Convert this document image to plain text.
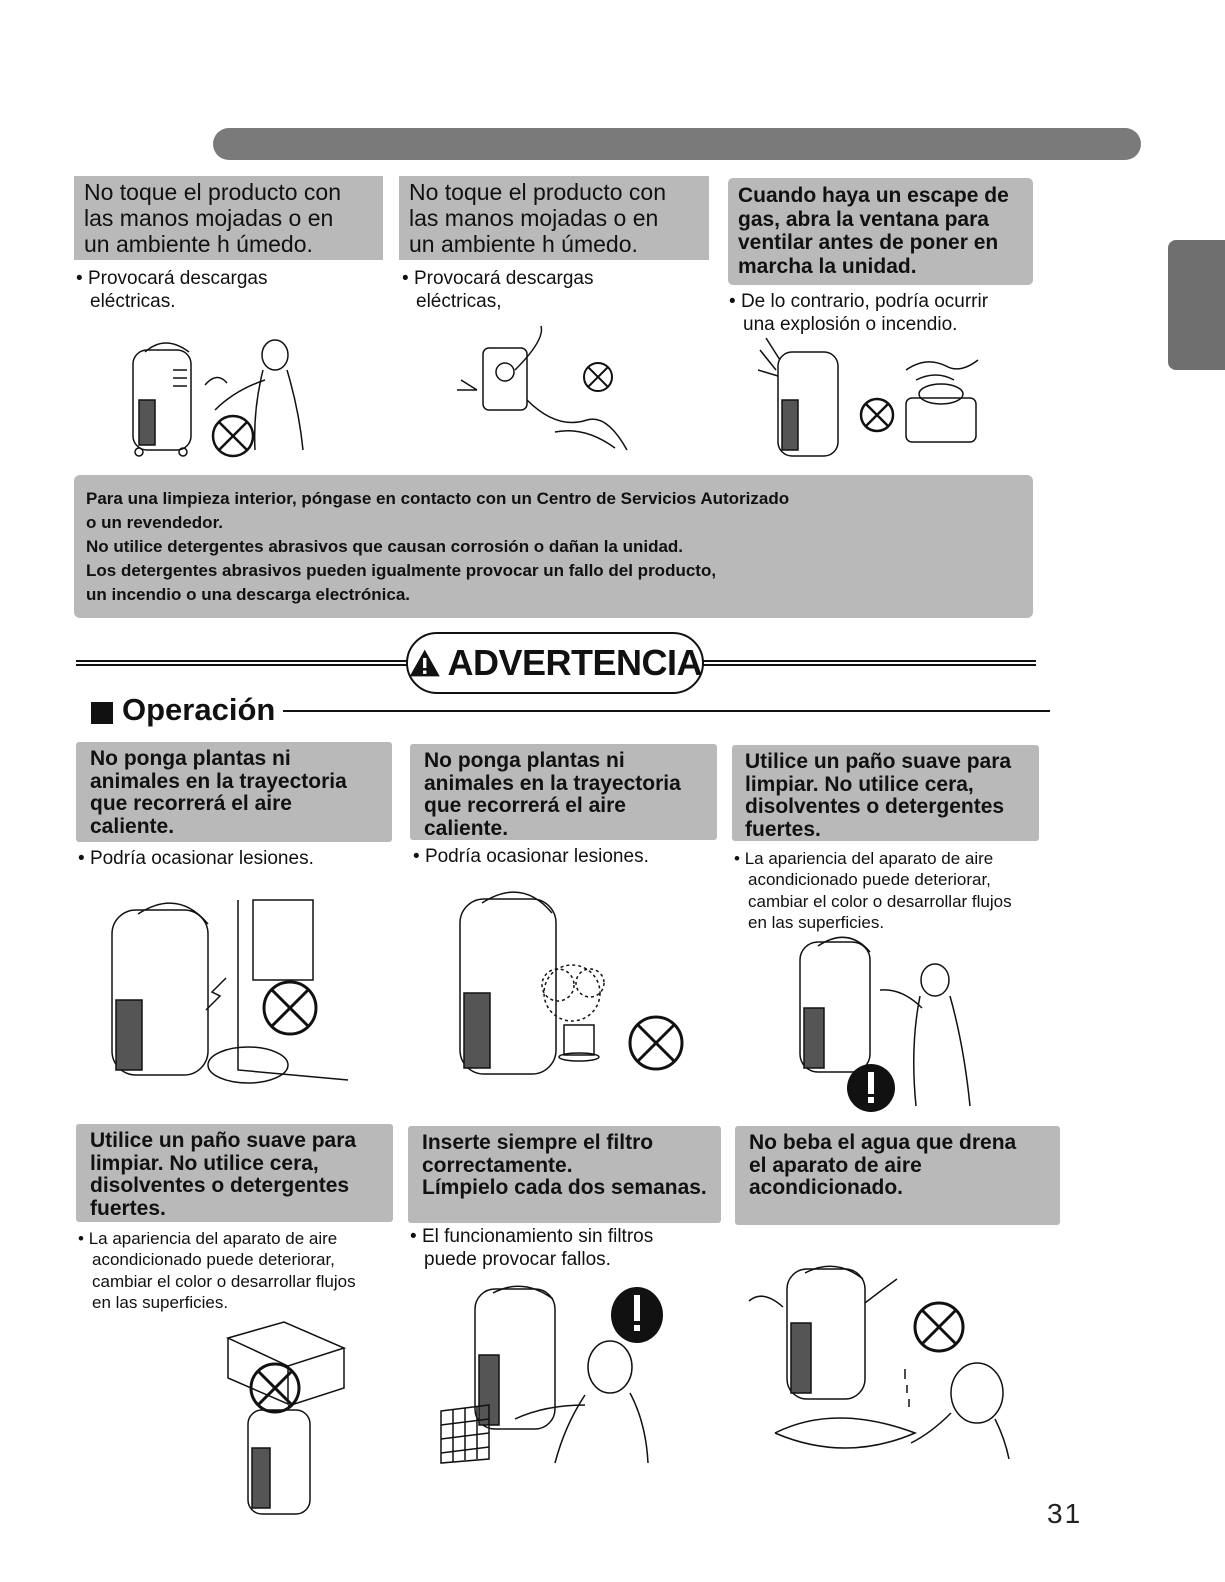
No toque el producto con
las manos mojadas o en
un ambiente h úmedo.
• Provocará descargas
eléctricas.
No toque el producto con
las manos mojadas o en
un ambiente h úmedo.
• Provocará descargas
eléctricas,
Cuando haya un escape de
gas, abra la ventana para
ventilar antes de poner en
marcha la unidad.
• De lo contrario, podría ocurrir
una explosión o incendio.
Para una limpieza interior, póngase en contacto con un Centro de Servicios Autorizado
o un revendedor.
No utilice detergentes abrasivos que causan corrosión o dañan la unidad.
Los detergentes abrasivos pueden igualmente provocar un fallo del producto,
un incendio o una descarga electrónica.
ADVERTENCIA
Operación
No ponga plantas ni
animales en la trayectoria
que recorrerá el aire
caliente.
• Podría ocasionar lesiones.
No ponga plantas ni
animales en la trayectoria
que recorrerá el aire
caliente.
• Podría ocasionar lesiones.
Utilice un paño suave para
limpiar. No utilice cera,
disolventes o detergentes
fuertes.
• La apariencia del aparato de aire
acondicionado puede deteriorar,
cambiar el color o desarrollar flujos
en las superficies.
Utilice un paño suave para
limpiar. No utilice cera,
disolventes o detergentes
fuertes.
• La apariencia del aparato de aire
acondicionado puede deteriorar,
cambiar el color o desarrollar flujos
en las superficies.
Inserte siempre el filtro
correctamente.
Límpielo cada dos semanas.
• El funcionamiento sin filtros
puede provocar fallos.
No beba el agua que drena
el aparato de aire
acondicionado.
31
